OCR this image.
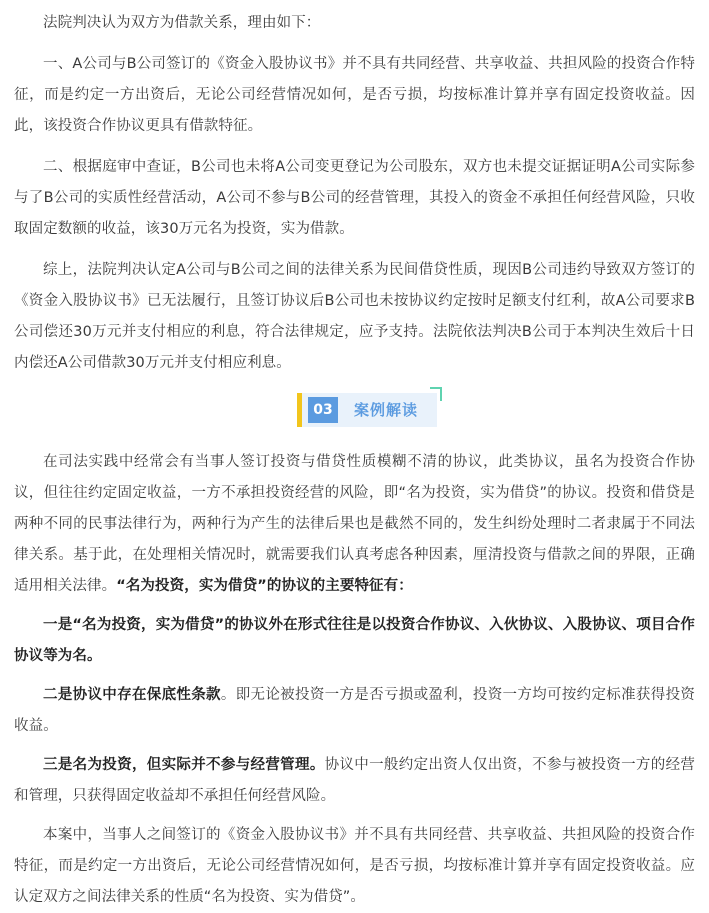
法院判决认为双方为借款关系，理由如下：

一、A公司与B公司签订的《资金入股协议书》并不具有共同经营、共享收益、共担风险的投资合作特征，而是约定一方出资后，无论公司经营情况如何，是否亏损，均按标准计算并享有固定投资收益。因此，该投资合作协议更具有借款特征。

二、根据庭审中查证，B公司也未将A公司变更登记为公司股东，双方也未提交证据证明A公司实际参与了B公司的实质性经营活动，A公司不参与B公司的经营管理，其投入的资金不承担任何经营风险，只收取固定数额的收益，该30万元名为投资，实为借款。

综上，法院判决认定A公司与B公司之间的法律关系为民间借贷性质，现因B公司违约导致双方签订的《资金入股协议书》已无法履行，且签订协议后B公司也未按协议约定按时足额支付红利，故A公司要求B公司偿还30万元并支付相应的利息，符合法律规定，应予支持。法院依法判决B公司于本判决生效后十日内偿还A公司借款30万元并支付相应利息。

03	案例解读

在司法实践中经常会有当事人签订投资与借贷性质模糊不清的协议，此类协议，虽名为投资合作协议，但往往约定固定收益，一方不承担投资经营的风险，即“名为投资，实为借贷”的协议。投资和借贷是两种不同的民事法律行为，两种行为产生的法律后果也是截然不同的，发生纠纷处理时二者隶属于不同法律关系。基于此，在处理相关情况时，就需要我们认真考虑各种因素，厘清投资与借款之间的界限，正确适用相关法律。“名为投资，实为借贷”的协议的主要特征有：

一是“名为投资，实为借贷”的协议外在形式往往是以投资合作协议、入伙协议、入股协议、项目合作协议等为名。

二是协议中存在保底性条款。即无论被投资一方是否亏损或盈利，投资一方均可按约定标准获得投资收益。

三是名为投资，但实际并不参与经营管理。协议中一般约定出资人仅出资，不参与被投资一方的经营和管理，只获得固定收益却不承担任何经营风险。

本案中，当事人之间签订的《资金入股协议书》并不具有共同经营、共享收益、共担风险的投资合作特征，而是约定一方出资后，无论公司经营情况如何，是否亏损，均按标准计算并享有固定投资收益。应认定双方之间法律关系的性质“名为投资、实为借贷”。
